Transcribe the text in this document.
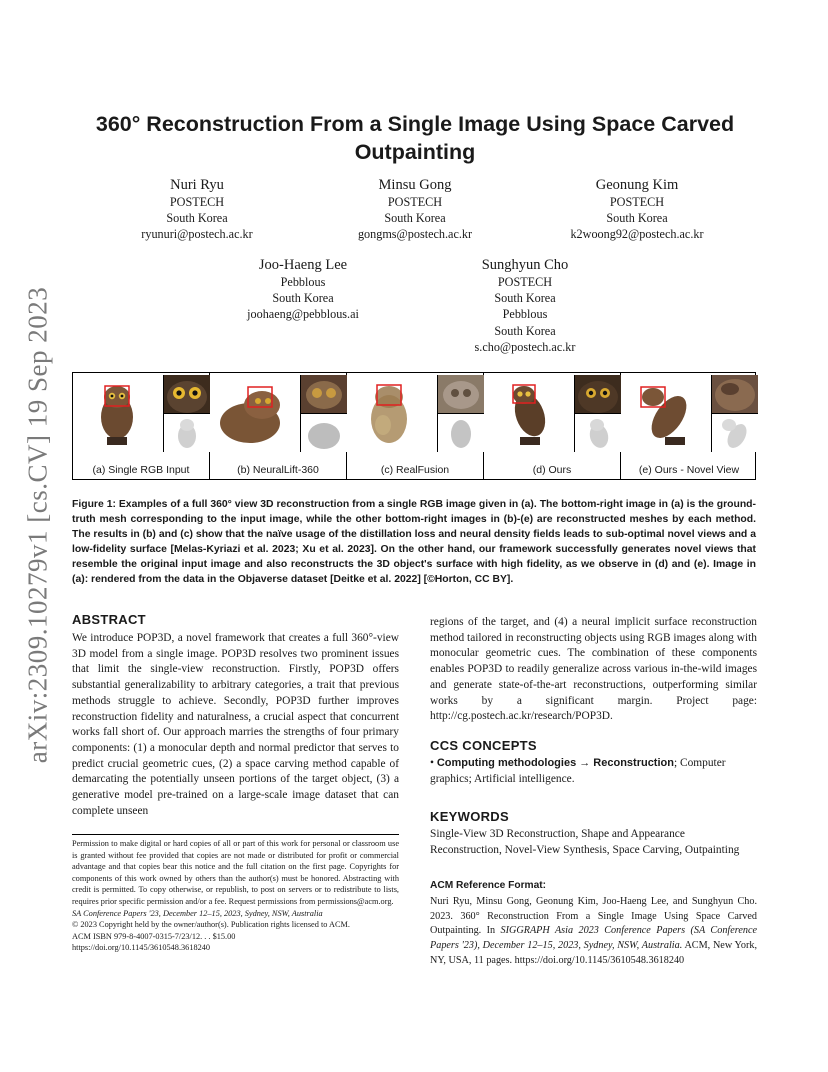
arXiv:2309.10279v1 [cs.CV] 19 Sep 2023
360° Reconstruction From a Single Image Using Space Carved Outpainting
Nuri Ryu
POSTECH
South Korea
ryunuri@postech.ac.kr
Minsu Gong
POSTECH
South Korea
gongms@postech.ac.kr
Geonung Kim
POSTECH
South Korea
k2woong92@postech.ac.kr
Joo-Haeng Lee
Pebblous
South Korea
joohaeng@pebblous.ai
Sunghyun Cho
POSTECH
South Korea
Pebblous
South Korea
s.cho@postech.ac.kr
(a) Single RGB Input	(b) NeuralLift-360	(c) RealFusion	(d) Ours	(e) Ours - Novel View
Figure 1: Examples of a full 360° view 3D reconstruction from a single RGB image given in (a). The bottom-right image in (a) is the ground-truth mesh corresponding to the input image, while the other bottom-right images in (b)-(e) are reconstructed meshes by each method. The results in (b) and (c) show that the naïve usage of the distillation loss and neural density fields leads to sub-optimal novel views and a low-fidelity surface [Melas-Kyriazi et al. 2023; Xu et al. 2023]. On the other hand, our framework successfully generates novel views that resemble the original input image and also reconstructs the 3D object's surface with high fidelity, as we observe in (d) and (e). Image in (a): rendered from the data in the Objaverse dataset [Deitke et al. 2022] [©Horton, CC BY].
ABSTRACT
We introduce POP3D, a novel framework that creates a full 360°-view 3D model from a single image. POP3D resolves two prominent issues that limit the single-view reconstruction. Firstly, POP3D offers substantial generalizability to arbitrary categories, a trait that previous methods struggle to achieve. Secondly, POP3D further improves reconstruction fidelity and naturalness, a crucial aspect that concurrent works fall short of. Our approach marries the strengths of four primary components: (1) a monocular depth and normal predictor that serves to predict crucial geometric cues, (2) a space carving method capable of demarcating the potentially unseen portions of the target object, (3) a generative model pre-trained on a large-scale image dataset that can complete unseen
Permission to make digital or hard copies of all or part of this work for personal or classroom use is granted without fee provided that copies are not made or distributed for profit or commercial advantage and that copies bear this notice and the full citation on the first page. Copyrights for components of this work owned by others than the author(s) must be honored. Abstracting with credit is permitted. To copy otherwise, or republish, to post on servers or to redistribute to lists, requires prior specific permission and/or a fee. Request permissions from permissions@acm.org.
SA Conference Papers '23, December 12–15, 2023, Sydney, NSW, Australia
© 2023 Copyright held by the owner/author(s). Publication rights licensed to ACM.
ACM ISBN 979-8-4007-0315-7/23/12. . . $15.00
https://doi.org/10.1145/3610548.3618240
regions of the target, and (4) a neural implicit surface reconstruction method tailored in reconstructing objects using RGB images along with monocular geometric cues. The combination of these components enables POP3D to readily generalize across various in-the-wild images and generate state-of-the-art reconstructions, outperforming similar works by a significant margin. Project page: http://cg.postech.ac.kr/research/POP3D.
CCS CONCEPTS
• Computing methodologies → Reconstruction; Computer graphics; Artificial intelligence.
KEYWORDS
Single-View 3D Reconstruction, Shape and Appearance Reconstruction, Novel-View Synthesis, Space Carving, Outpainting
ACM Reference Format:
Nuri Ryu, Minsu Gong, Geonung Kim, Joo-Haeng Lee, and Sunghyun Cho. 2023. 360° Reconstruction From a Single Image Using Space Carved Outpainting. In SIGGRAPH Asia 2023 Conference Papers (SA Conference Papers '23), December 12–15, 2023, Sydney, NSW, Australia. ACM, New York, NY, USA, 11 pages. https://doi.org/10.1145/3610548.3618240
